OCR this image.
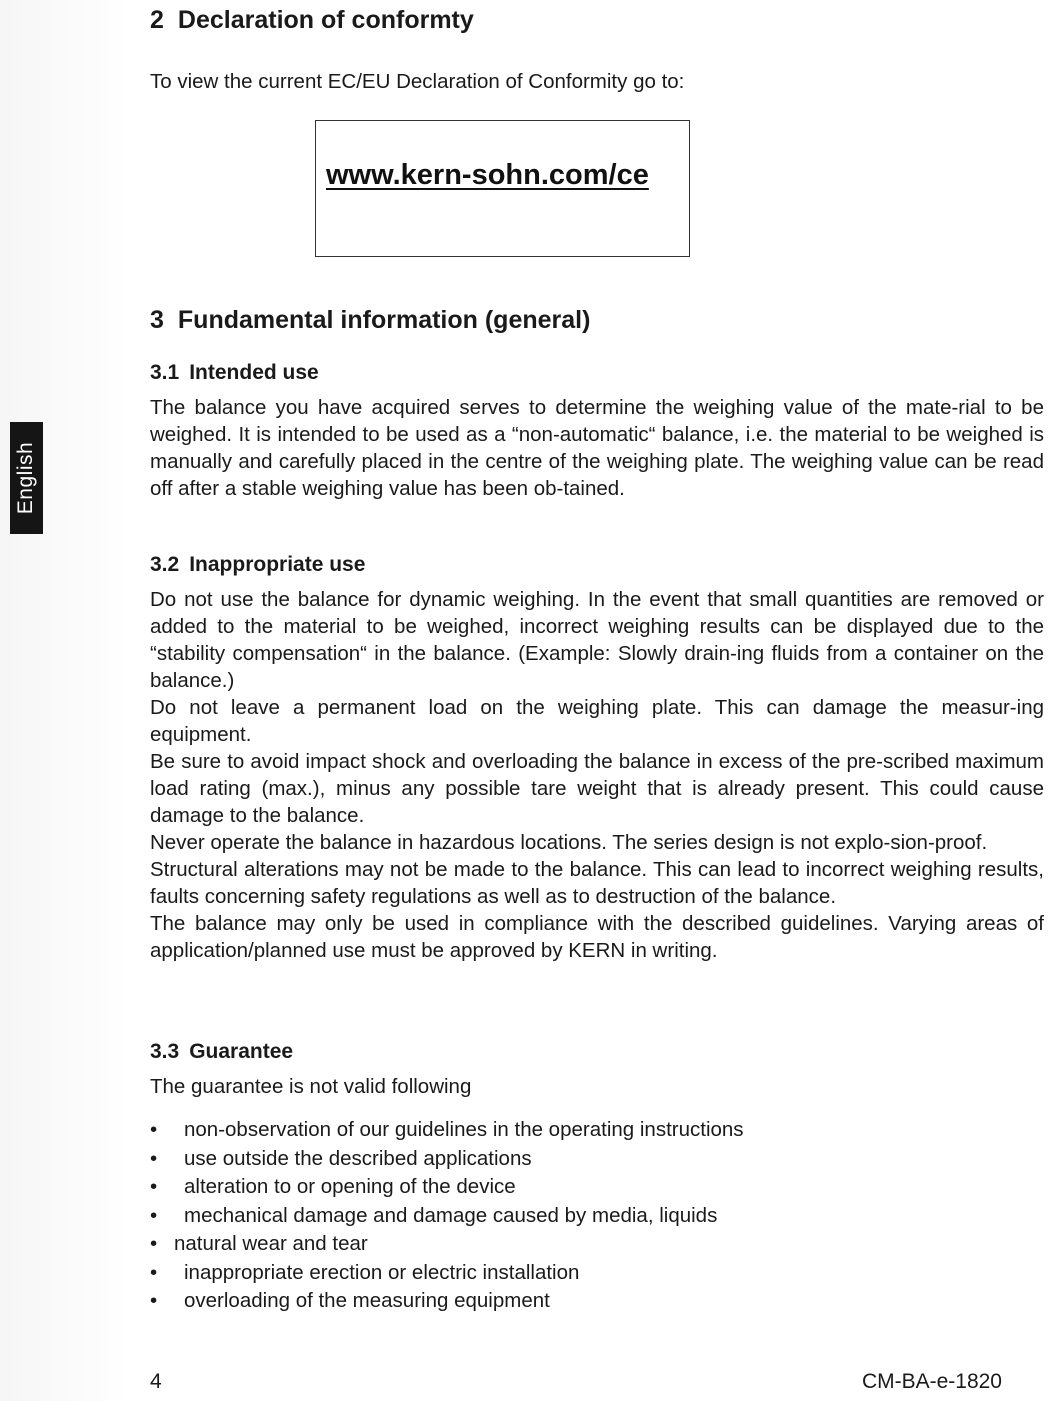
English
2 Declaration of conformty
To view the current EC/EU Declaration of Conformity go to:
www.kern-sohn.com/ce
3 Fundamental information (general)
3.1 Intended use
The balance you have acquired serves to determine the weighing value of the mate-rial to be weighed. It is intended to be used as a “non-automatic“ balance, i.e. the material to be weighed is manually and carefully placed in the centre of the weighing plate. The weighing value can be read off after a stable weighing value has been ob-tained.
3.2 Inappropriate use

Do not use the balance for dynamic weighing. In the event that small quantities are removed or added to the material to be weighed, incorrect weighing results can be displayed due to the “stability compensation“ in the balance. (Example: Slowly drain-ing fluids from a container on the balance.)

Do not leave a permanent load on the weighing plate. This can damage the measur-ing equipment.

Be sure to avoid impact shock and overloading the balance in excess of the pre-scribed maximum load rating (max.), minus any possible tare weight that is already present. This could cause damage to the balance.

Never operate the balance in hazardous locations. The series design is not explo-sion-proof.

Structural alterations may not be made to the balance. This can lead to incorrect weighing results, faults concerning safety regulations as well as to destruction of the balance.

The balance may only be used in compliance with the described guidelines. Varying areas of application/planned use must be approved by KERN in writing.

3.3 Guarantee
The guarantee is not valid following
• non-observation of our guidelines in the operating instructions
• use outside the described applications
• alteration to or opening of the device
• mechanical damage and damage caused by media, liquids
• natural wear and tear
• inappropriate erection or electric installation
• overloading of the measuring equipment
4	CM-BA-e-1820
